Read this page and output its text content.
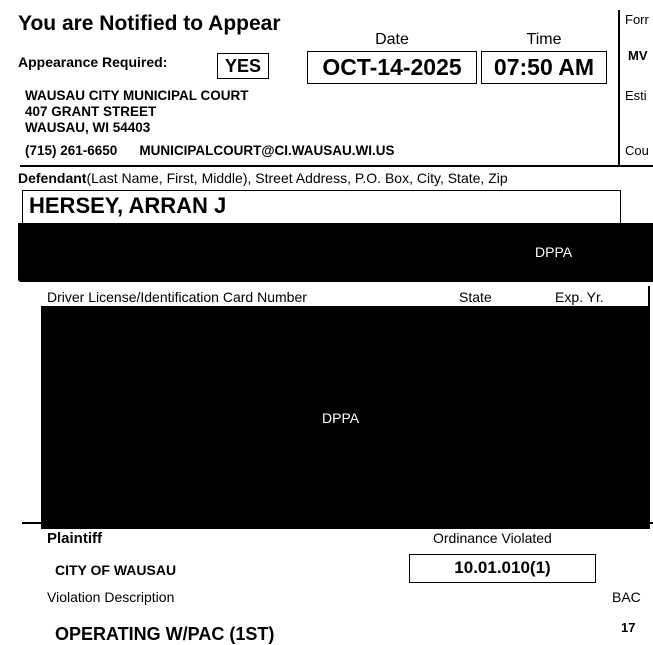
You are Notified to Appear
Appearance Required:	YES
Date
OCT-14-2025
Time
07:50 AM
WAUSAU CITY MUNICIPAL COURT
407 GRANT STREET
WAUSAU, WI 54403
(715) 261-6650 MUNICIPALCOURT@CI.WAUSAU.WI.US
Forr
MV
Esti
Cou
Defendant(Last Name, First, Middle), Street Address, P.O. Box, City, State, Zip
HERSEY, ARRAN J
DPPA
Driver License/Identification Card Number	State	Exp. Yr.
DPPA
Plaintiff	Ordinance Violated
CITY OF WAUSAU	10.01.010(1)
Violation Description	BAC
OPERATING W/PAC (1ST)	17
